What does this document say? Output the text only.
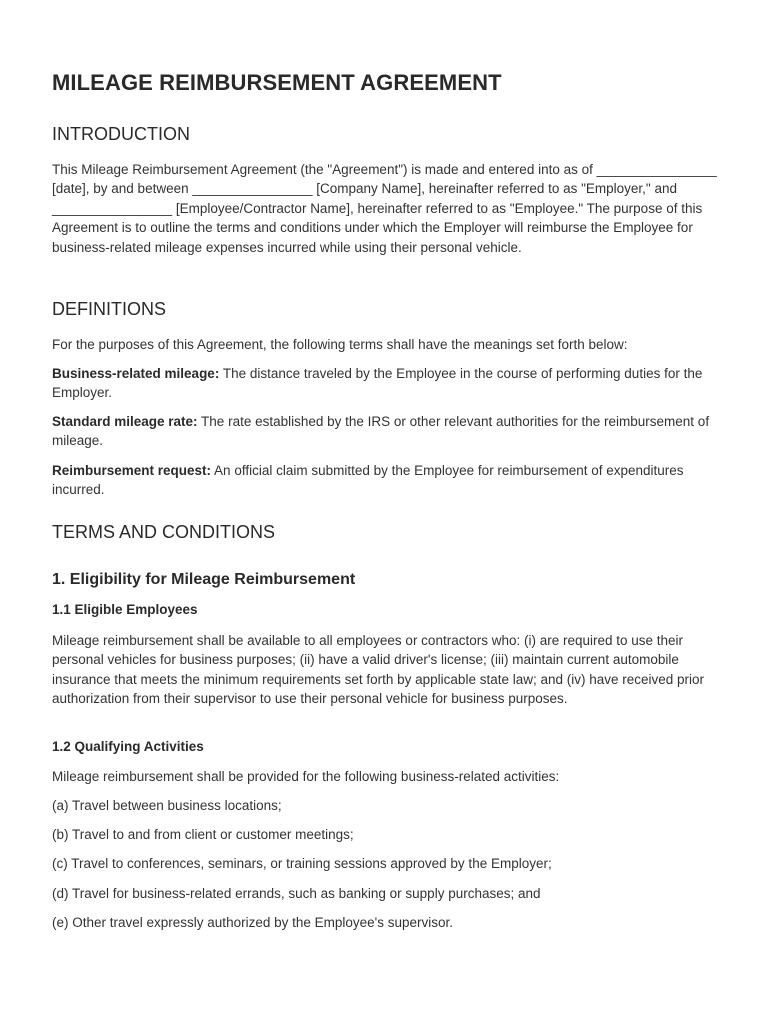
MILEAGE REIMBURSEMENT AGREEMENT
INTRODUCTION

This Mileage Reimbursement Agreement (the "Agreement") is made and entered into as of ________________ [date], by and between ________________ [Company Name], hereinafter referred to as "Employer," and ________________ [Employee/Contractor Name], hereinafter referred to as "Employee." The purpose of this Agreement is to outline the terms and conditions under which the Employer will reimburse the Employee for business-related mileage expenses incurred while using their personal vehicle.

DEFINITIONS

For the purposes of this Agreement, the following terms shall have the meanings set forth below:

Business-related mileage: The distance traveled by the Employee in the course of performing duties for the Employer.

Standard mileage rate: The rate established by the IRS or other relevant authorities for the reimbursement of mileage.

Reimbursement request: An official claim submitted by the Employee for reimbursement of expenditures incurred.

TERMS AND CONDITIONS
1. Eligibility for Mileage Reimbursement
1.1 Eligible Employees

Mileage reimbursement shall be available to all employees or contractors who: (i) are required to use their personal vehicles for business purposes; (ii) have a valid driver's license; (iii) maintain current automobile insurance that meets the minimum requirements set forth by applicable state law; and (iv) have received prior authorization from their supervisor to use their personal vehicle for business purposes.

1.2 Qualifying Activities

Mileage reimbursement shall be provided for the following business-related activities:

(a) Travel between business locations;

(b) Travel to and from client or customer meetings;

(c) Travel to conferences, seminars, or training sessions approved by the Employer;

(d) Travel for business-related errands, such as banking or supply purchases; and

(e) Other travel expressly authorized by the Employee's supervisor.
